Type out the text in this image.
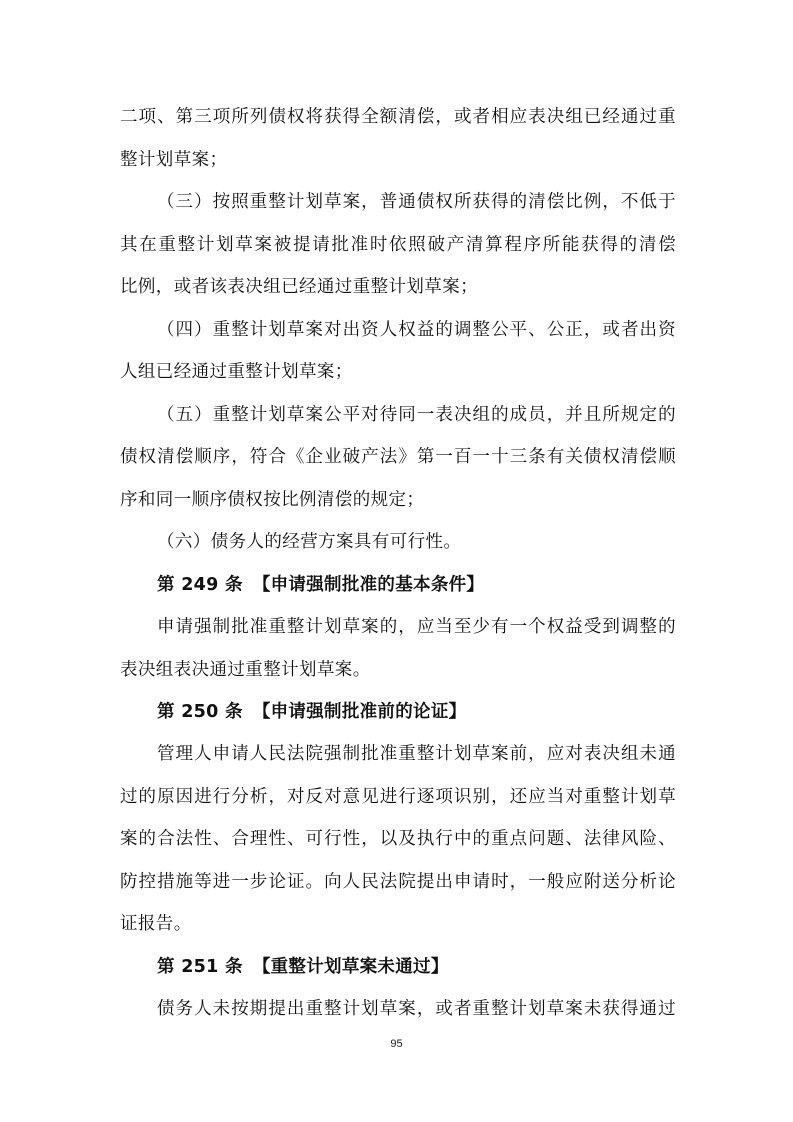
二项、第三项所列债权将获得全额清偿，或者相应表决组已经通过重
整计划草案；
（三）按照重整计划草案，普通债权所获得的清偿比例，不低于
其在重整计划草案被提请批准时依照破产清算程序所能获得的清偿
比例，或者该表决组已经通过重整计划草案；
（四）重整计划草案对出资人权益的调整公平、公正，或者出资
人组已经通过重整计划草案；
（五）重整计划草案公平对待同一表决组的成员，并且所规定的
债权清偿顺序，符合《企业破产法》第一百一十三条有关债权清偿顺
序和同一顺序债权按比例清偿的规定；
（六）债务人的经营方案具有可行性。
第 249 条 【申请强制批准的基本条件】
申请强制批准重整计划草案的，应当至少有一个权益受到调整的
表决组表决通过重整计划草案。
第 250 条 【申请强制批准前的论证】
管理人申请人民法院强制批准重整计划草案前，应对表决组未通
过的原因进行分析，对反对意见进行逐项识别，还应当对重整计划草
案的合法性、合理性、可行性，以及执行中的重点问题、法律风险、
防控措施等进一步论证。向人民法院提出申请时，一般应附送分析论
证报告。
第 251 条 【重整计划草案未通过】
债务人未按期提出重整计划草案，或者重整计划草案未获得通过
95
